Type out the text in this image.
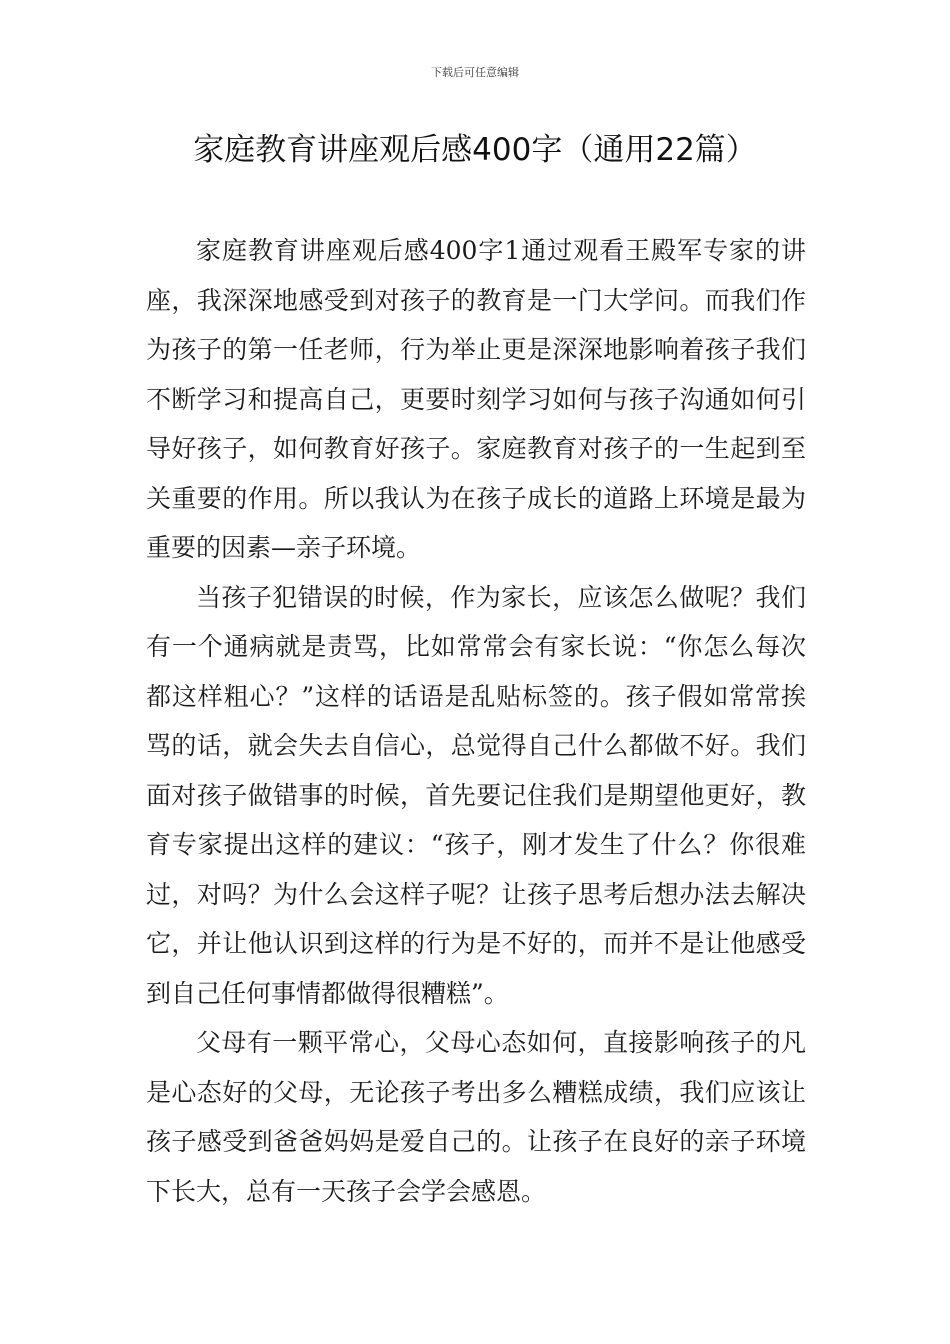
下载后可任意编辑
家庭教育讲座观后感400字（通用22篇）

家庭教育讲座观后感400字1通过观看王殿军专家的讲座，我深深地感受到对孩子的教育是一门大学问。而我们作为孩子的第一任老师，行为举止更是深深地影响着孩子我们不断学习和提高自己，更要时刻学习如何与孩子沟通如何引导好孩子，如何教育好孩子。家庭教育对孩子的一生起到至关重要的作用。所以我认为在孩子成长的道路上环境是最为重要的因素—亲子环境。

当孩子犯错误的时候，作为家长，应该怎么做呢？我们有一个通病就是责骂，比如常常会有家长说：“你怎么每次都这样粗心？”这样的话语是乱贴标签的。孩子假如常常挨骂的话，就会失去自信心，总觉得自己什么都做不好。我们面对孩子做错事的时候，首先要记住我们是期望他更好，教育专家提出这样的建议：“孩子，刚才发生了什么？你很难过，对吗？为什么会这样子呢？让孩子思考后想办法去解决它，并让他认识到这样的行为是不好的，而并不是让他感受到自己任何事情都做得很糟糕”。

父母有一颗平常心，父母心态如何，直接影响孩子的凡是心态好的父母，无论孩子考出多么糟糕成绩，我们应该让孩子感受到爸爸妈妈是爱自己的。让孩子在良好的亲子环境下长大，总有一天孩子会学会感恩。
